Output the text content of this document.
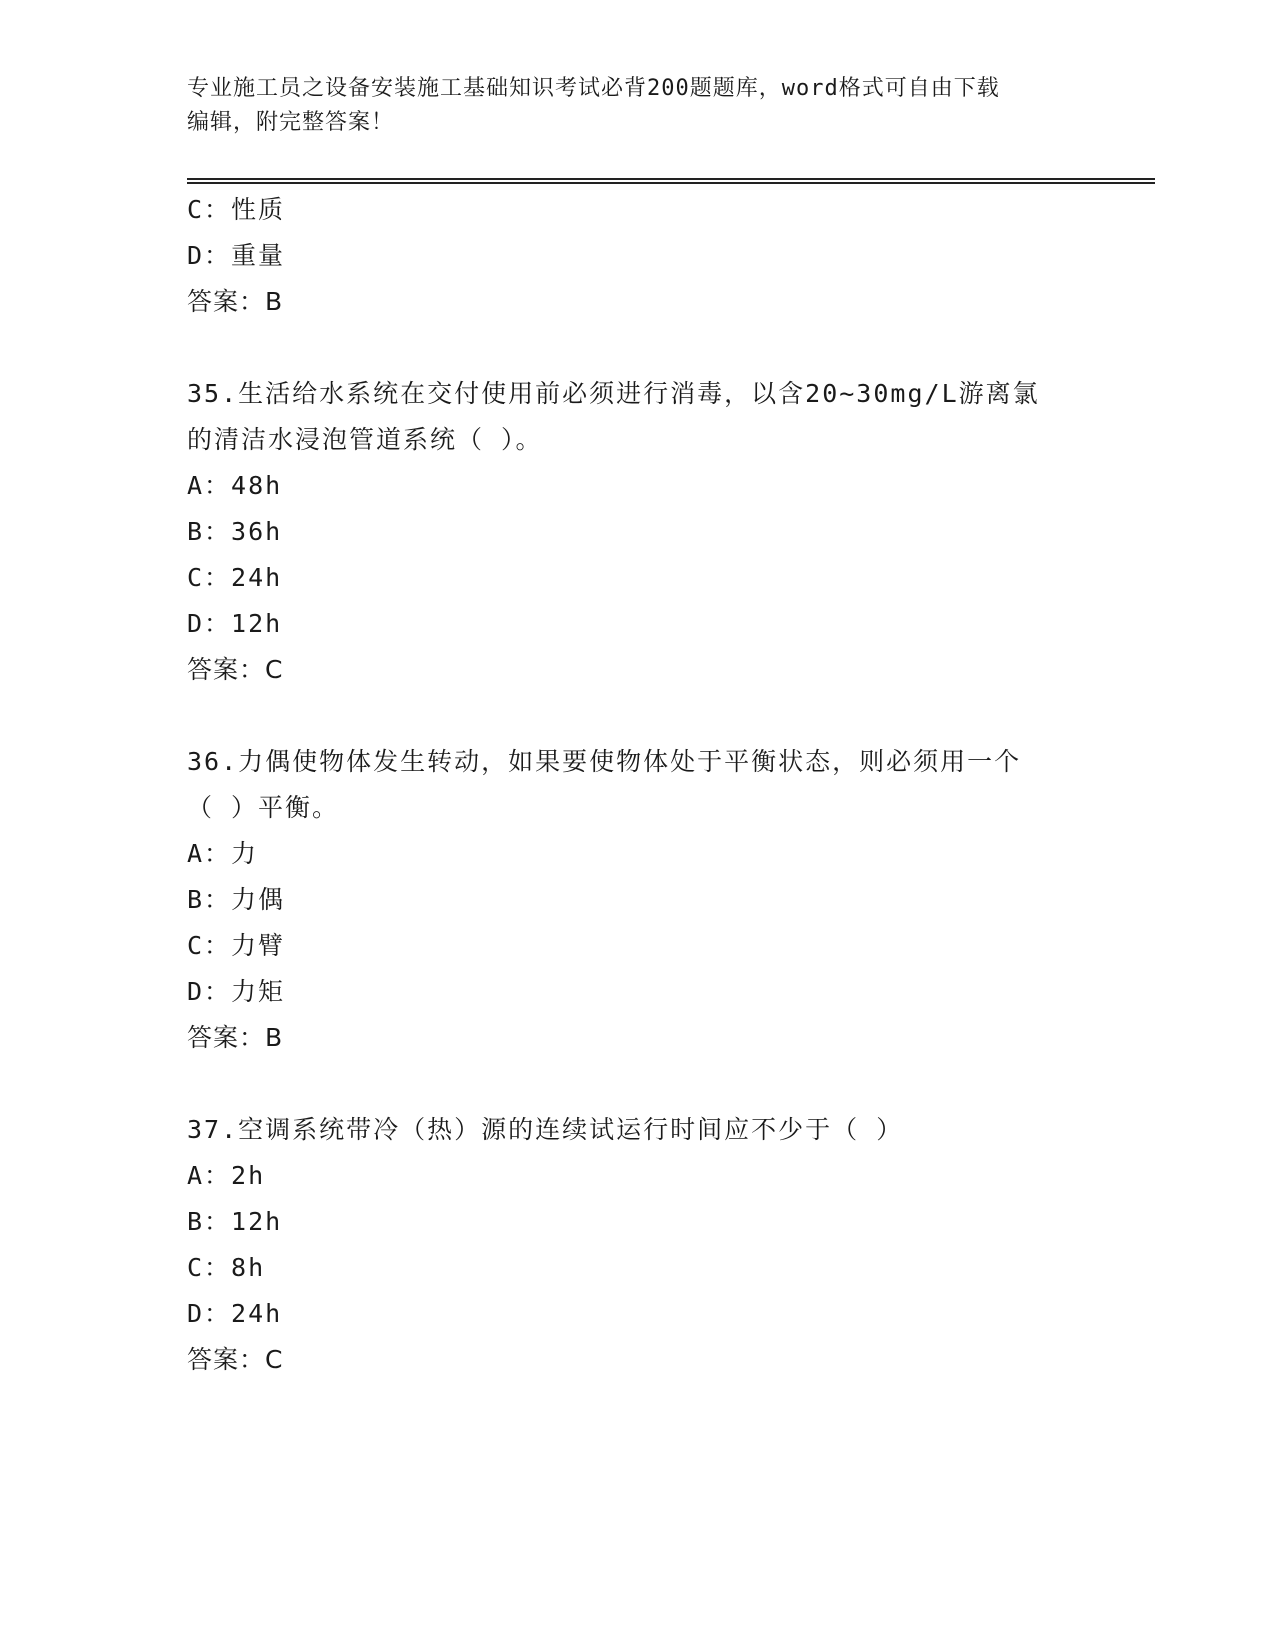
专业施工员之设备安装施工基础知识考试必背200题题库，word格式可自由下载
编辑，附完整答案！
C：性质
D：重量
答案：B
35.生活给水系统在交付使用前必须进行消毒，以含20~30mg/L游离氯
的清洁水浸泡管道系统（ ）。
A：48h
B：36h
C：24h
D：12h
答案：C
36.力偶使物体发生转动，如果要使物体处于平衡状态，则必须用一个
（ ）平衡。
A：力
B：力偶
C：力臂
D：力矩
答案：B
37.空调系统带冷（热）源的连续试运行时间应不少于（ ）
A：2h
B：12h
C：8h
D：24h
答案：C
